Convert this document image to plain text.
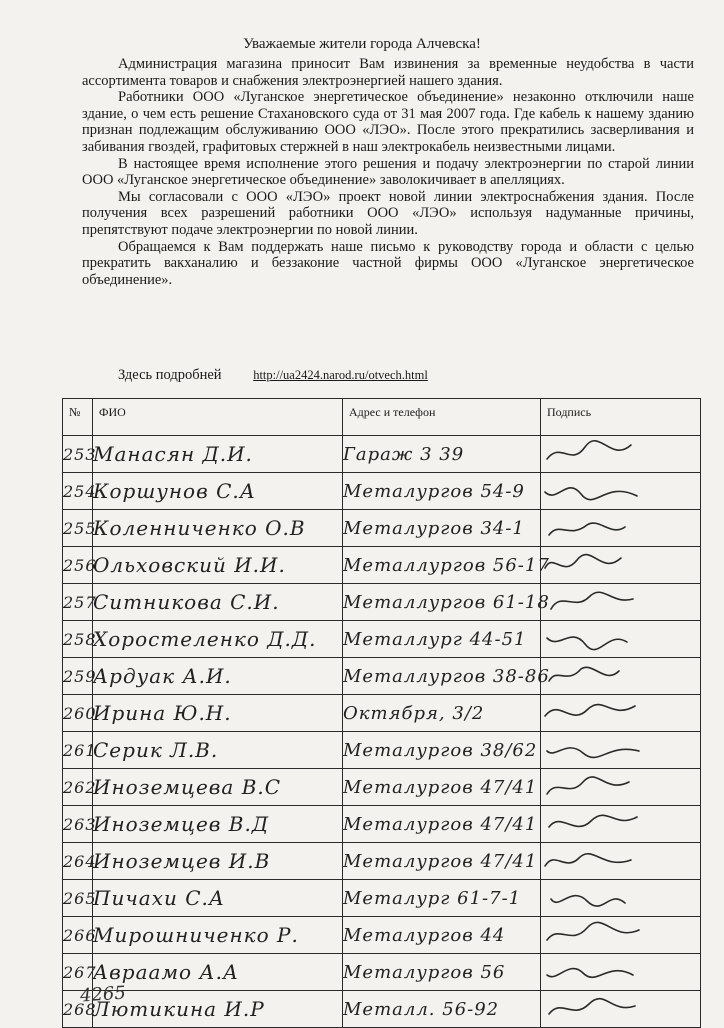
Уважаемые жители города Алчевска!

Администрация магазина приносит Вам извинения за временные неудобства в части ассортимента товаров и снабжения электроэнергией нашего здания.

Работники ООО «Луганское энергетическое объединение» незаконно отключили наше здание, о чем есть решение Стахановского суда от 31 мая 2007 года. Где кабель к нашему зданию признан подлежащим обслуживанию ООО «ЛЭО». После этого прекратились засверливания и забивания гвоздей, графитовых стержней в наш электрокабель неизвестными лицами.

В настоящее время исполнение этого решения и подачу электроэнергии по старой линии ООО «Луганское энергетическое объединение» заволокичивает в апелляциях.

Мы согласовали с ООО «ЛЭО» проект новой линии электроснабжения здания. После получения всех разрешений работники ООО «ЛЭО» используя надуманные причины, препятствуют подаче электроэнергии по новой линии.

Обращаемся к Вам поддержать наше письмо к руководству города и области с целью прекратить вакханалию и беззаконие частной фирмы ООО «Луганское энергетическое объединение».

Здесь подробней	http://ua2424.narod.ru/otvech.html
№	ФИО	Адрес и телефон	Подпись
253	Манасян Д.И.	Гараж 3 39	

254	Коршунов С.А	Металургов 54-9	

255	Коленниченко О.В	Металургов 34-1	

256	Ольховский И.И.	Металлургов 56-17	

257	Ситникова С.И.	Металлургов 61-18	

258	Хоростеленко Д.Д.	Металлург 44-51	

259	Ардуак А.И.	Металлургов 38-86	

260	Ирина Ю.Н.	Октября, 3/2	

261	Серик Л.В.	Металургов 38/62	

262	Иноземцева В.С	Металургов 47/41	

263	Иноземцев В.Д	Металургов 47/41	

264	Иноземцев И.В	Металургов 47/41	

265	Пичахи С.А	Металург 61-7-1	

266	Мирошниченко Р.	Металургов 44	

267	Авраамо А.А	Металургов 56	

268	Лютикина И.Р	Металл. 56-92	
4265
